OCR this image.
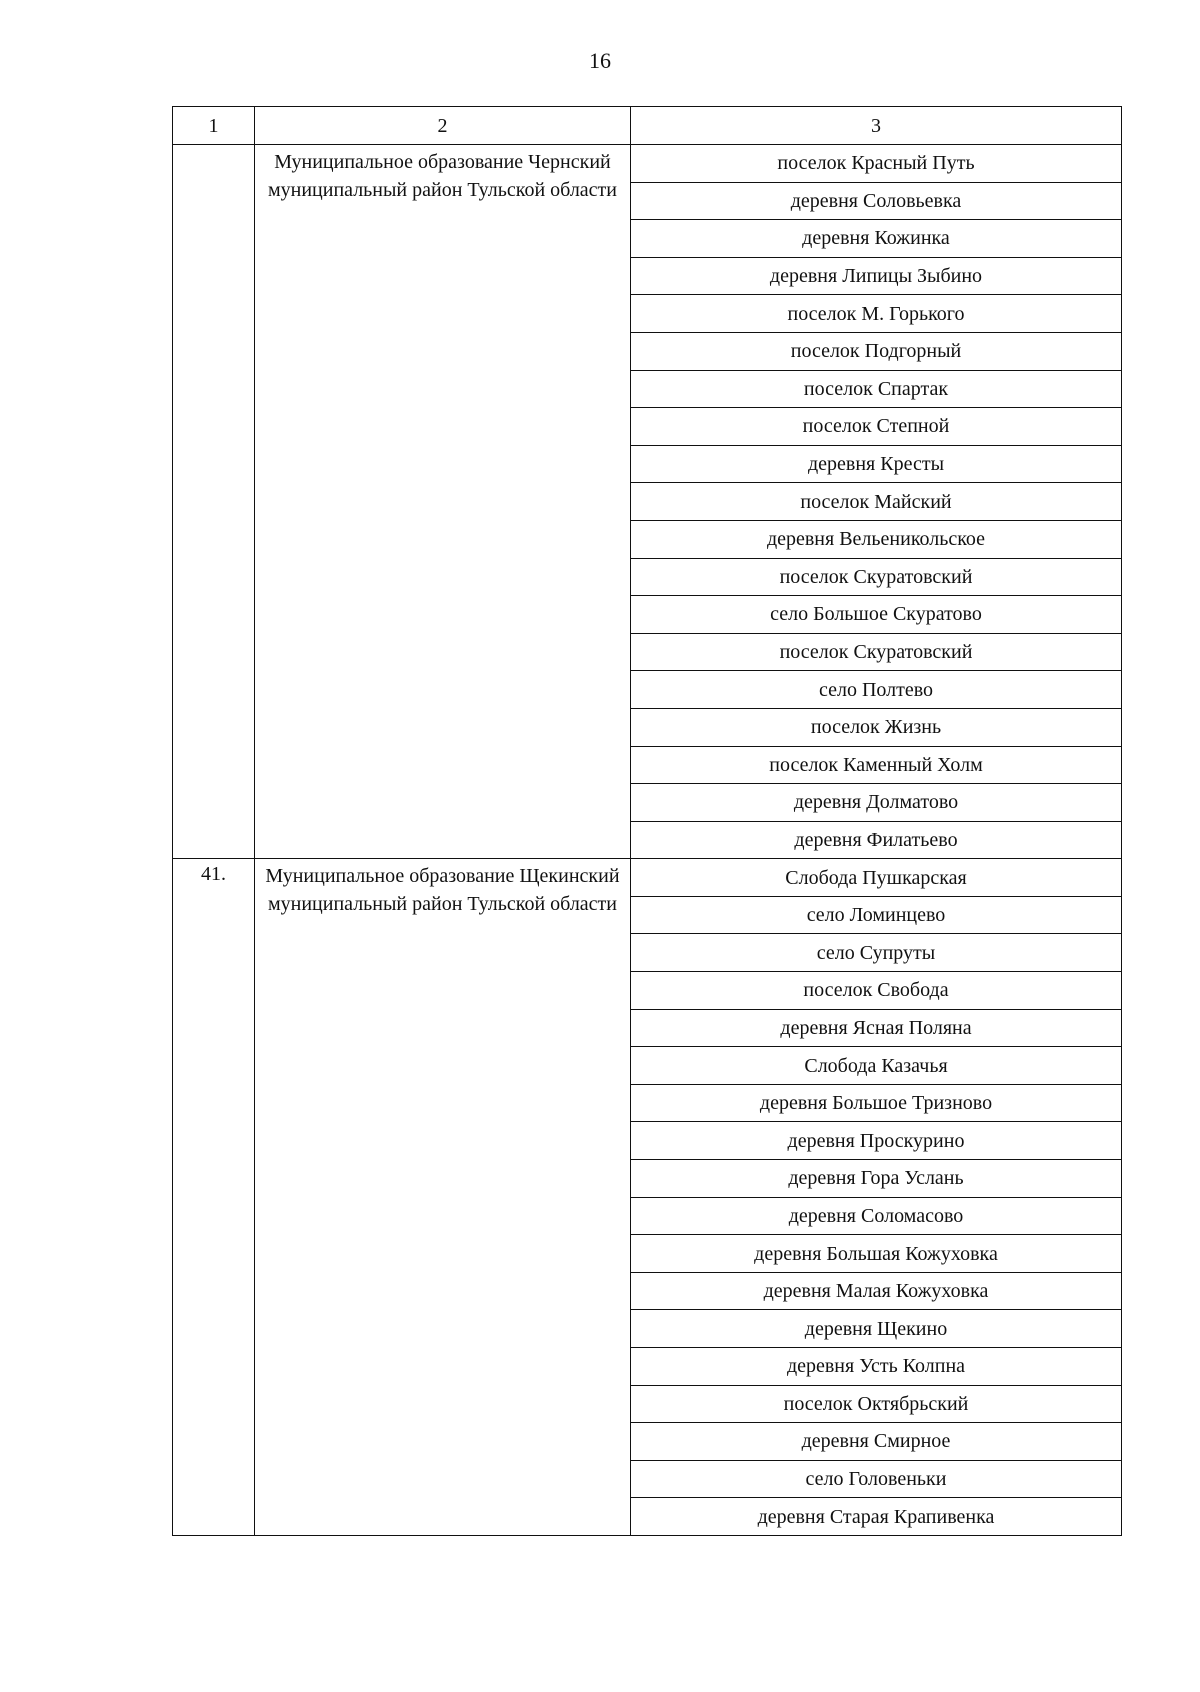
16
1	2	3
	Муниципальное образование Чернский муниципальный район Тульской области	поселок Красный Путь
		деревня Соловьевка
		деревня Кожинка
		деревня Липицы Зыбино
		поселок М. Горького
		поселок Подгорный
		поселок Спартак
		поселок Степной
		деревня Кресты
		поселок Майский
		деревня Вельеникольское
		поселок Скуратовский
		село Большое Скуратово
		поселок Скуратовский
		село Полтево
		поселок Жизнь
		поселок Каменный Холм
		деревня Долматово
		деревня Филатьево
41.	Муниципальное образование Щекинский муниципальный район Тульской области	Слобода Пушкарская
		село Ломинцево
		село Супруты
		поселок Свобода
		деревня Ясная Поляна
		Слобода Казачья
		деревня Большое Тризново
		деревня Проскурино
		деревня Гора Услань
		деревня Соломасово
		деревня Большая Кожуховка
		деревня Малая Кожуховка
		деревня Щекино
		деревня Усть Колпна
		поселок Октябрьский
		деревня Смирное
		село Головеньки
		деревня Старая Крапивенка
